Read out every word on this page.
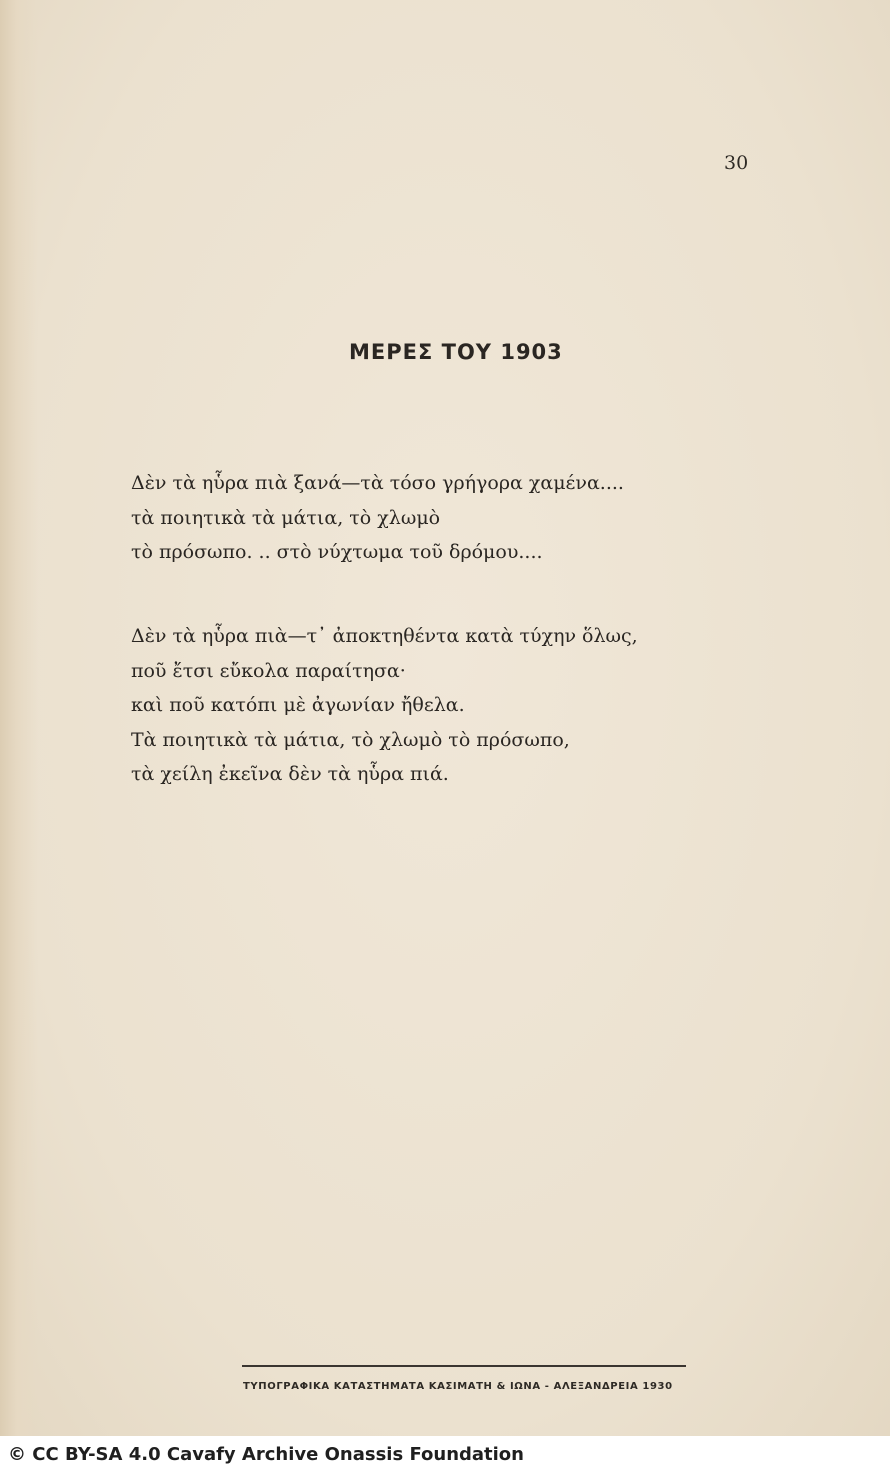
30
ΜΕΡΕΣ ΤΟΥ 1903
Δὲν τὰ ηὗρα πιὰ ξανά—τὰ τόσο γρήγορα χαμένα....
τὰ ποιητικὰ τὰ μάτια, τὸ χλωμὸ
τὸ πρόσωπο. .. στὸ νύχτωμα τοῦ δρόμου....
Δὲν τὰ ηὗρα πιὰ—τ᾿ ἀποκτηθέντα κατὰ τύχην ὅλως,
ποῦ ἔτσι εὔκολα παραίτησα·
καὶ ποῦ κατόπι μὲ ἀγωνίαν ἤθελα.
Τὰ ποιητικὰ τὰ μάτια, τὸ χλωμὸ τὸ πρόσωπο,
τὰ χείλη ἐκεῖνα δὲν τὰ ηὗρα πιά.
ΤΥΠΟΓΡΑΦΙΚΑ ΚΑΤΑΣΤΗΜΑΤΑ ΚΑΣΙΜΑΤΗ & ΙΩΝΑ - ΑΛΕΞΑΝΔΡΕΙΑ 1930
© CC BY-SA 4.0 Cavafy Archive Onassis Foundation
